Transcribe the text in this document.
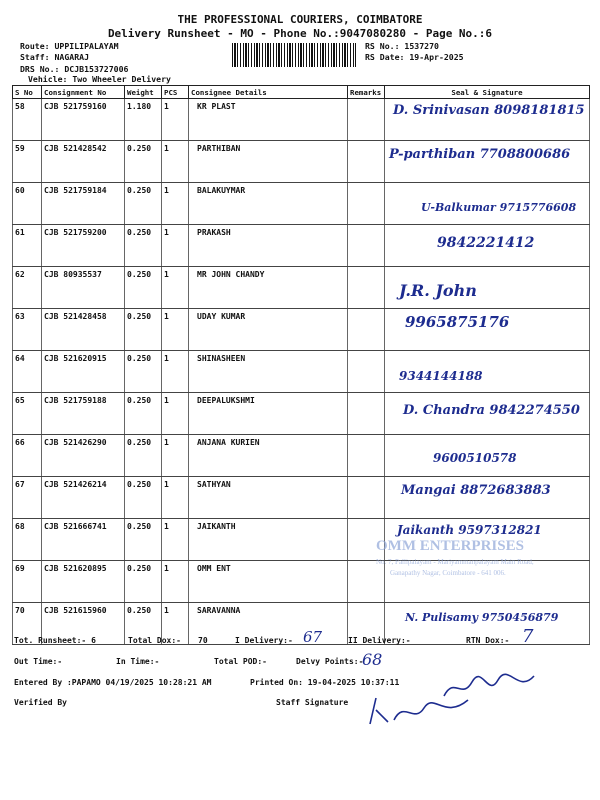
THE PROFESSIONAL COURIERS, COIMBATORE
Delivery Runsheet - MO - Phone No.:9047080280 - Page No.:6
Route: UPPILIPALAYAM
Staff: NAGARAJ
DRS No.: DCJB153727006
Vehicle: Two Wheeler Delivery
RS No.: 1537270
RS Date: 19-Apr-2025
S No	Consignment No	Weight	PCS	Consignee Details	Remarks	Seal & Signature
58	CJB 521759160	1.180	1	KR PLAST		D. Srinivasan 8098181815

59	CJB 521428542	0.250	1	PARTHIBAN		P-parthiban 7708800686

60	CJB 521759184	0.250	1	BALAKUYMAR		U-Balkumar 9715776608

61	CJB 521759200	0.250	1	PRAKASH		9842221412

62	CJB 80935537	0.250	1	MR JOHN CHANDY		J.R. John

63	CJB 521428458	0.250	1	UDAY KUMAR		9965875176

64	CJB 521620915	0.250	1	SHINASHEEN		9344144188

65	CJB 521759188	0.250	1	DEEPALUKSHMI		D. Chandra 9842274550

66	CJB 521426290	0.250	1	ANJANA KURIEN		9600510578

67	CJB 521426214	0.250	1	SATHYAN		Mangai 8872683883

68	CJB 521666741	0.250	1	JAIKANTH		Jaikanth 9597312821

69	CJB 521620895	0.250	1	OMM ENT		
70	CJB 521615960	0.250	1	SARAVANNA		N. Pulisamy 9750456879
OMM ENTERPRISES
No. 7, Pallipalayam - Mariyammanpalayam Main Road,
Ganapathy Nagar, Coimbatore - 641 006.
Tot. Runsheet:- 6	Total Dox:- 70	I Delivery:- 67	II Delivery:-	RTN Dox:- 7
Out Time:-	In Time:-	Total POD:-	Delvy Points:-
68
Entered By :PAPAMO 04/19/2025 10:28:21 AM	Printed On: 19-04-2025 10:37:11
Verified By	Staff Signature
